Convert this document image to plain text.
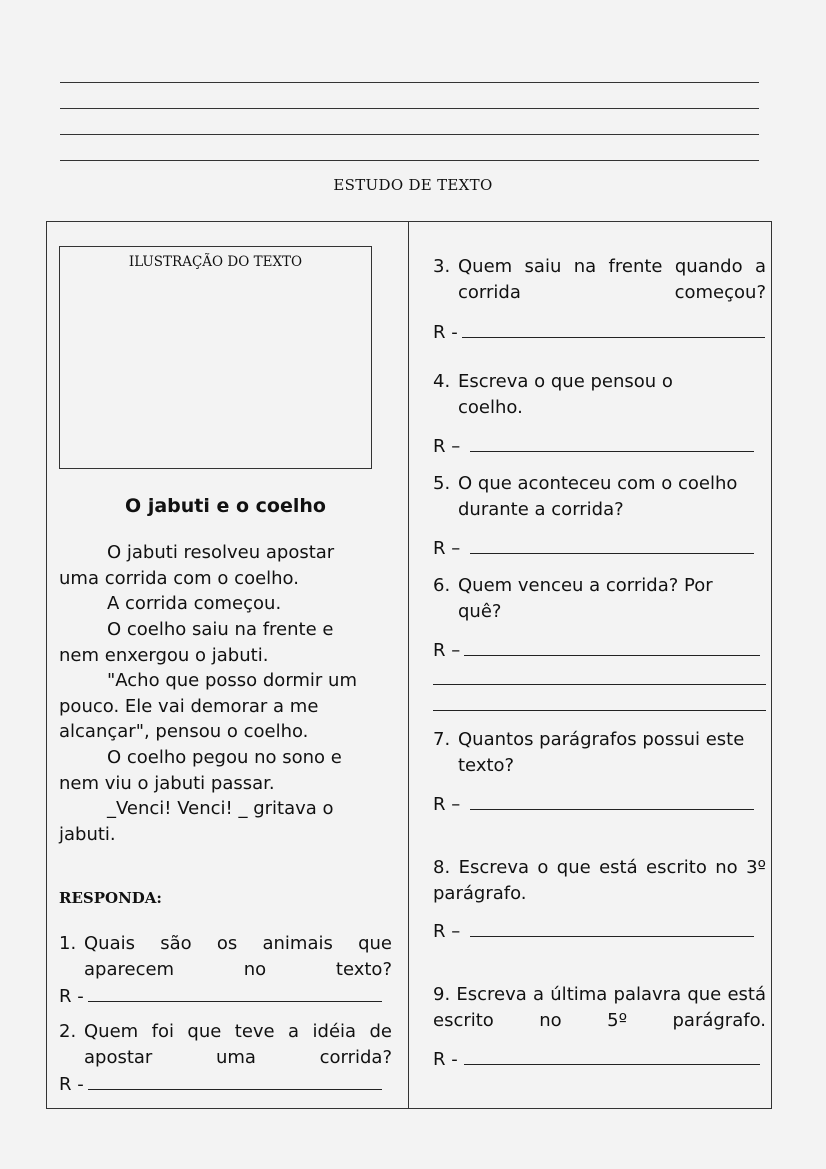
ESTUDO DE TEXTO
ILUSTRAÇÃO DO TEXTO
O jabuti e o coelho
O jabuti resolveu apostar
uma corrida com o coelho.
A corrida começou.
O coelho saiu na frente e
nem enxergou o jabuti.
"Acho que posso dormir um
pouco. Ele vai demorar a me alcançar", pensou o coelho.
O coelho pegou no sono e
nem viu o jabuti passar.
_Venci! Venci! _ gritava o
jabuti.
RESPONDA:
1. Quais são os animais que aparecem no texto?
R -
2. Quem foi que teve a idéia de apostar uma corrida?
R -
3. Quem saiu na frente quando a corrida começou?
R -
4. Escreva o que pensou o coelho.
R –
5. O que aconteceu com o coelho durante a corrida?
R –
6. Quem venceu a corrida? Por quê?
R –
7. Quantos parágrafos possui este texto?
R –
8. Escreva o que está escrito no 3º parágrafo.
R –
9. Escreva a última palavra que está escrito no 5º parágrafo.
R -
